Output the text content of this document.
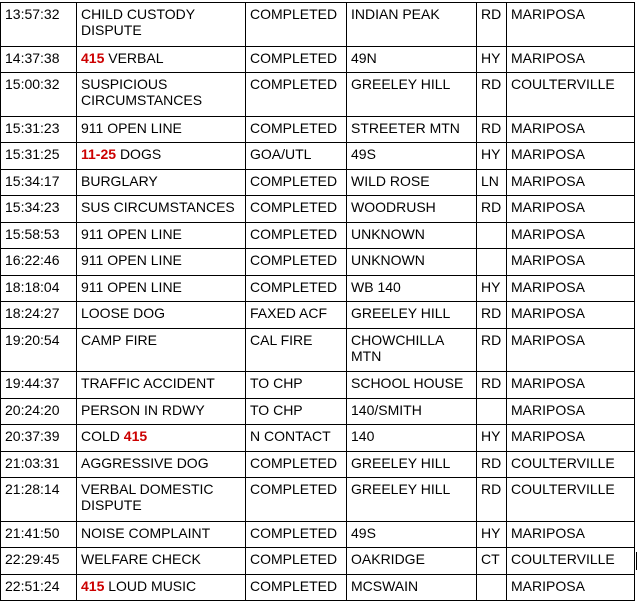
13:57:32	CHILD CUSTODY DISPUTE	COMPLETED	INDIAN PEAK	RD	MARIPOSA
14:37:38	415 VERBAL	COMPLETED	49N	HY	MARIPOSA
15:00:32	SUSPICIOUS CIRCUMSTANCES	COMPLETED	GREELEY HILL	RD	COULTERVILLE
15:31:23	911 OPEN LINE	COMPLETED	STREETER MTN	RD	MARIPOSA
15:31:25	11-25 DOGS	GOA/UTL	49S	HY	MARIPOSA
15:34:17	BURGLARY	COMPLETED	WILD ROSE	LN	MARIPOSA
15:34:23	SUS CIRCUMSTANCES	COMPLETED	WOODRUSH	RD	MARIPOSA
15:58:53	911 OPEN LINE	COMPLETED	UNKNOWN		MARIPOSA
16:22:46	911 OPEN LINE	COMPLETED	UNKNOWN		MARIPOSA
18:18:04	911 OPEN LINE	COMPLETED	WB 140	HY	MARIPOSA
18:24:27	LOOSE DOG	FAXED ACF	GREELEY HILL	RD	MARIPOSA
19:20:54	CAMP FIRE	CAL FIRE	CHOWCHILLA MTN	RD	MARIPOSA
19:44:37	TRAFFIC ACCIDENT	TO CHP	SCHOOL HOUSE	RD	MARIPOSA
20:24:20	PERSON IN RDWY	TO CHP	140/SMITH		MARIPOSA
20:37:39	COLD 415	N CONTACT	140	HY	MARIPOSA
21:03:31	AGGRESSIVE DOG	COMPLETED	GREELEY HILL	RD	COULTERVILLE
21:28:14	VERBAL DOMESTIC DISPUTE	COMPLETED	GREELEY HILL	RD	COULTERVILLE
21:41:50	NOISE COMPLAINT	COMPLETED	49S	HY	MARIPOSA
22:29:45	WELFARE CHECK	COMPLETED	OAKRIDGE	CT	COULTERVILLE
22:51:24	415 LOUD MUSIC	COMPLETED	MCSWAIN		MARIPOSA
